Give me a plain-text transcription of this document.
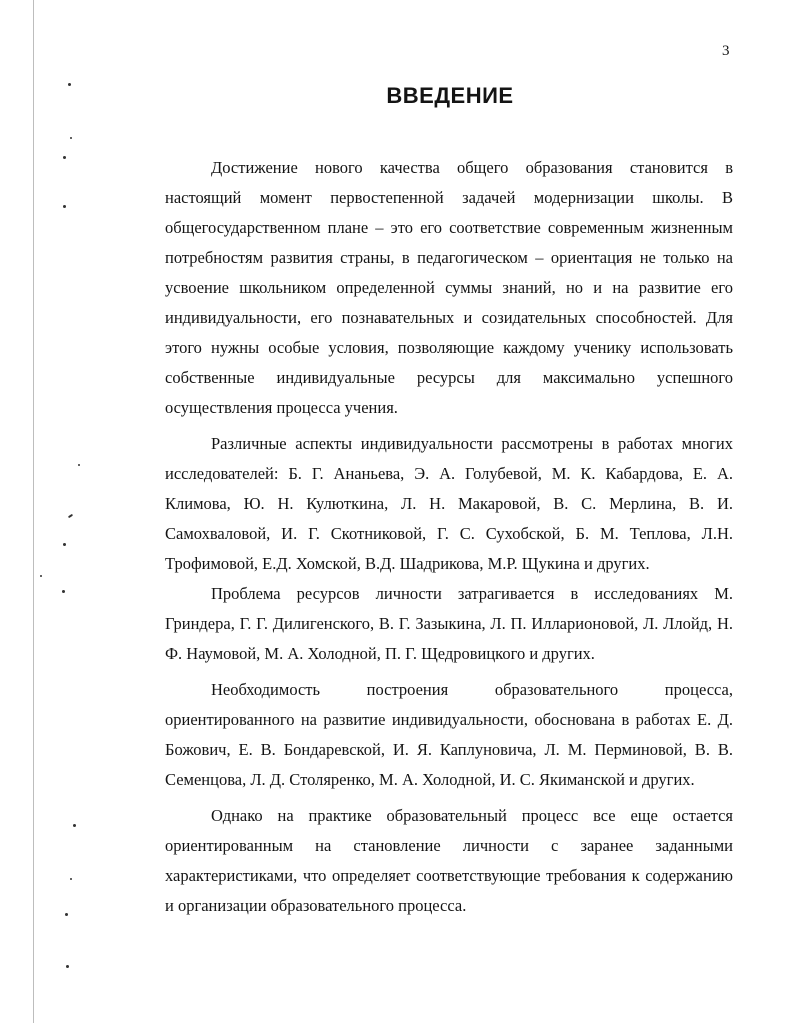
3
ВВЕДЕНИЕ

Достижение нового качества общего образования становится в настоящий момент первостепенной задачей модернизации школы. В общегосударственном плане – это его соответствие современным жизненным потребностям развития страны, в педагогическом – ориентация не только на усвоение школьником определенной суммы знаний, но и на развитие его индивидуальности, его познавательных и созидательных способностей. Для этого нужны особые условия, позволяющие каждому ученику использовать собственные индивидуальные ресурсы для максимально успешного осуществления процесса учения.

Различные аспекты индивидуальности рассмотрены в работах многих исследователей: Б. Г. Ананьева, Э. А. Голубевой, М. К. Кабардова, Е. А. Климова, Ю. Н. Кулюткина, Л. Н. Макаровой, В. С. Мерлина, В. И. Самохваловой, И. Г. Скотниковой, Г. С. Сухобской, Б. М. Теплова, Л.Н. Трофимовой, Е.Д. Хомской, В.Д. Шадрикова, М.Р. Щукина и других.

Проблема ресурсов личности затрагивается в исследованиях М. Гриндера, Г. Г. Дилигенского, В. Г. Зазыкина, Л. П. Илларионовой, Л. Ллойд, Н. Ф. Наумовой, М. А. Холодной, П. Г. Щедровицкого и других.

Необходимость построения образовательного процесса, ориентированного на развитие индивидуальности, обоснована в работах Е. Д. Божович, Е. В. Бондаревской, И. Я. Каплуновича, Л. М. Перминовой, В. В. Семенцова, Л. Д. Столяренко, М. А. Холодной, И. С. Якиманской и других.

Однако на практике образовательный процесс все еще остается ориентированным на становление личности с заранее заданными характеристиками, что определяет соответствующие требования к содержанию и организации образовательного процесса.
